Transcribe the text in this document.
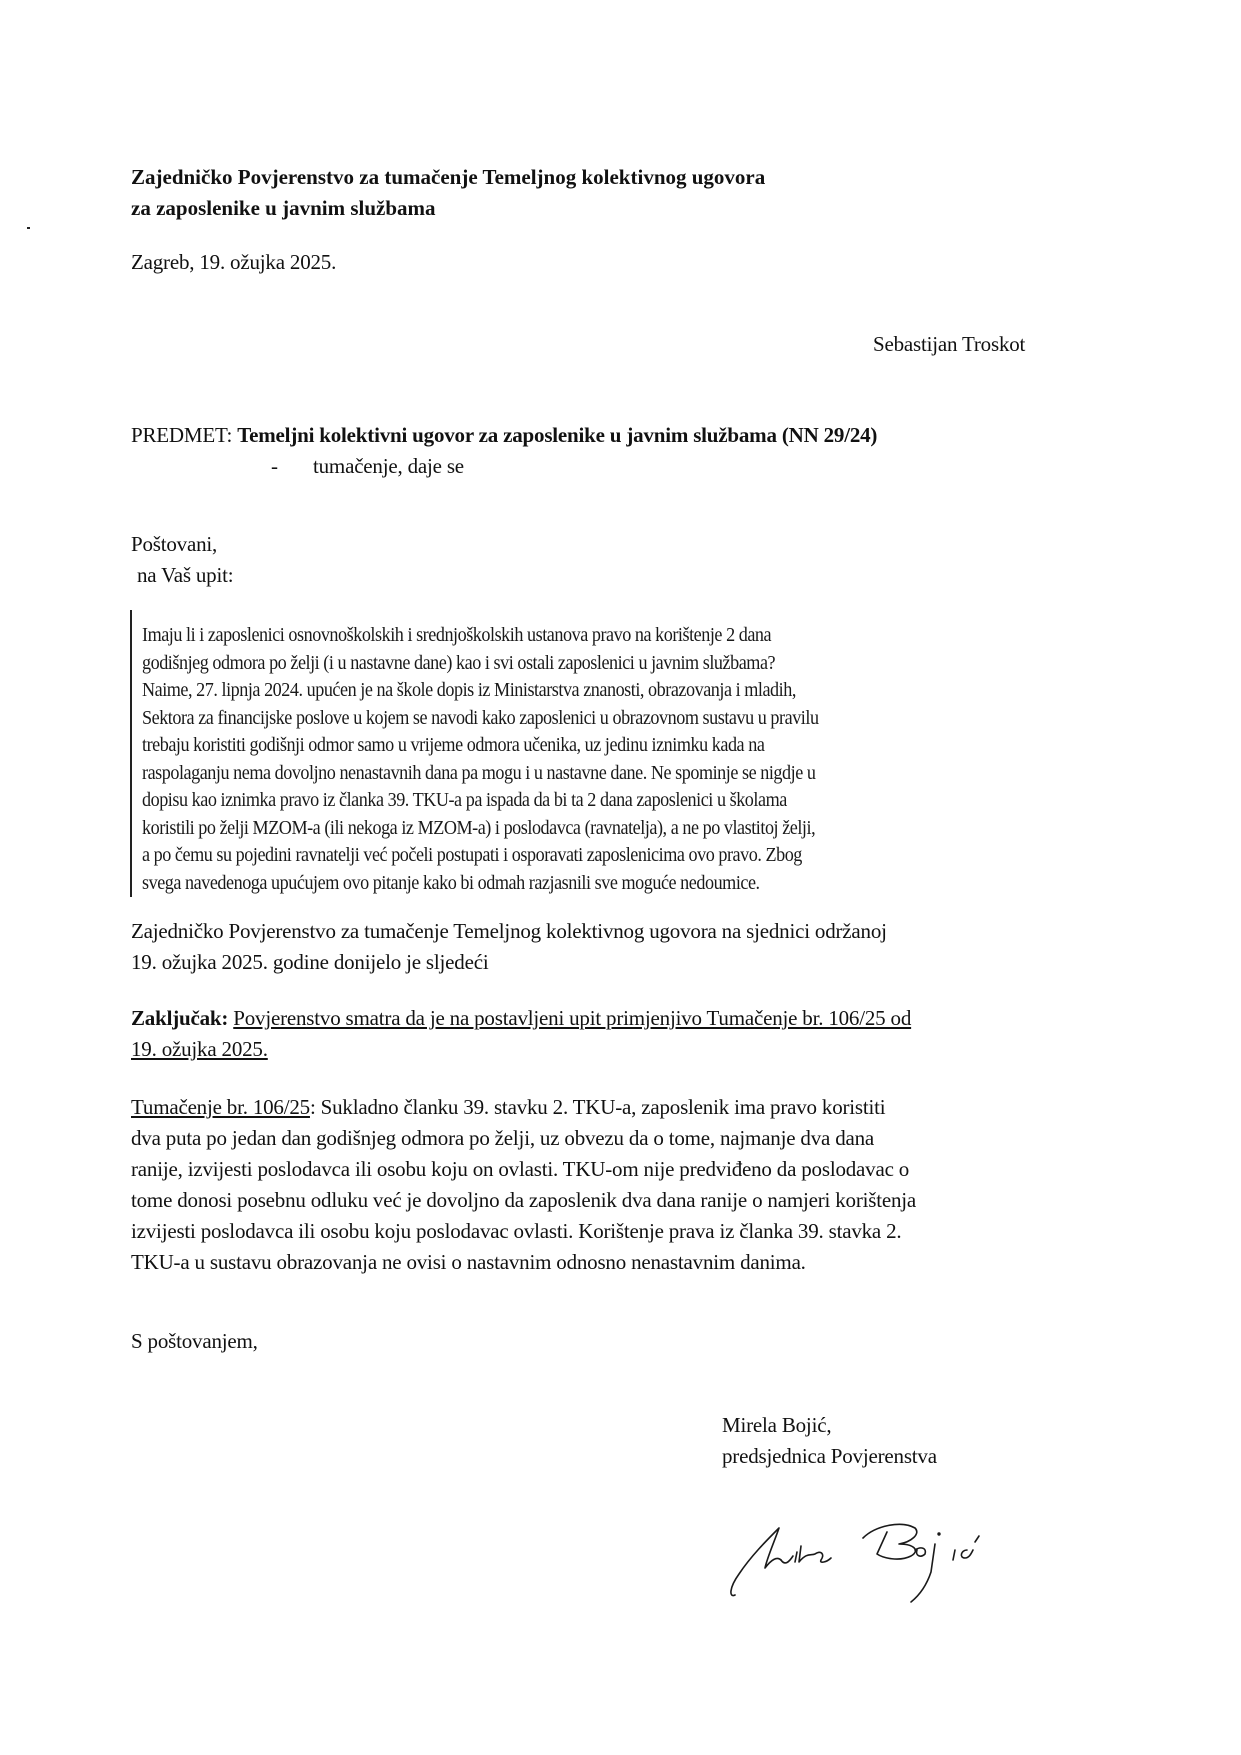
Zajedničko Povjerenstvo za tumačenje Temeljnog kolektivnog ugovora
za zaposlenike u javnim službama
Zagreb, 19. ožujka 2025.
Sebastijan Troskot
PREDMET: Temeljni kolektivni ugovor za zaposlenike u javnim službama (NN 29/24)
- tumačenje, daje se
Poštovani,
na Vaš upit:
Imaju li i zaposlenici osnovnoškolskih i srednjoškolskih ustanova pravo na korištenje 2 dana
godišnjeg odmora po želji (i u nastavne dane) kao i svi ostali zaposlenici u javnim službama?
Naime, 27. lipnja 2024. upućen je na škole dopis iz Ministarstva znanosti, obrazovanja i mladih,
Sektora za financijske poslove u kojem se navodi kako zaposlenici u obrazovnom sustavu u pravilu
trebaju koristiti godišnji odmor samo u vrijeme odmora učenika, uz jedinu iznimku kada na
raspolaganju nema dovoljno nenastavnih dana pa mogu i u nastavne dane. Ne spominje se nigdje u
dopisu kao iznimka pravo iz članka 39. TKU-a pa ispada da bi ta 2 dana zaposlenici u školama
koristili po želji MZOM-a (ili nekoga iz MZOM-a) i poslodavca (ravnatelja), a ne po vlastitoj želji,
a po čemu su pojedini ravnatelji već počeli postupati i osporavati zaposlenicima ovo pravo. Zbog
svega navedenoga upućujem ovo pitanje kako bi odmah razjasnili sve moguće nedoumice.
Zajedničko Povjerenstvo za tumačenje Temeljnog kolektivnog ugovora na sjednici održanoj
19. ožujka 2025. godine donijelo je sljedeći
Zaključak: Povjerenstvo smatra da je na postavljeni upit primjenjivo Tumačenje br. 106/25 od
19. ožujka 2025.
Tumačenje br. 106/25: Sukladno članku 39. stavku 2. TKU-a, zaposlenik ima pravo koristiti
dva puta po jedan dan godišnjeg odmora po želji, uz obvezu da o tome, najmanje dva dana
ranije, izvijesti poslodavca ili osobu koju on ovlasti. TKU-om nije predviđeno da poslodavac o
tome donosi posebnu odluku već je dovoljno da zaposlenik dva dana ranije o namjeri korištenja
izvijesti poslodavca ili osobu koju poslodavac ovlasti. Korištenje prava iz članka 39. stavka 2.
TKU-a u sustavu obrazovanja ne ovisi o nastavnim odnosno nenastavnim danima.
S poštovanjem,
Mirela Bojić,
predsjednica Povjerenstva
